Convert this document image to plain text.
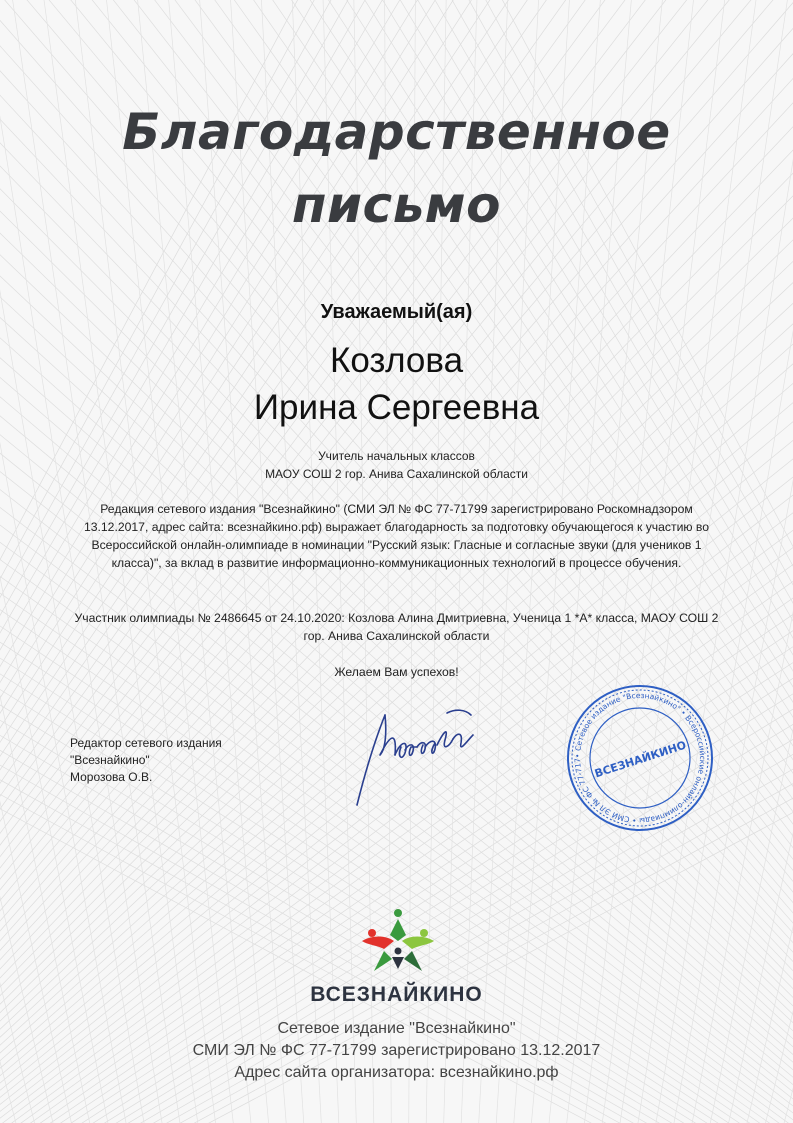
Благодарственное
письмо
Уважаемый(ая)
Козлова
Ирина Сергеевна
Учитель начальных классов
МАОУ СОШ 2 гор. Анива Сахалинской области
Редакция сетевого издания "Всезнайкино" (СМИ ЭЛ № ФС 77-71799 зарегистрировано Роскомнадзором 13.12.2017, адрес сайта: всезнайкино.рф) выражает благодарность за подготовку обучающегося к участию во Всероссийской онлайн-олимпиаде в номинации "Русский язык: Гласные и согласные звуки (для учеников 1 класса)", за вклад в развитие информационно-коммуникационных технологий в процессе обучения.
Участник олимпиады № 2486645 от 24.10.2020: Козлова Алина Дмитриевна, Ученица 1 *А* класса, МАОУ СОШ 2 гор. Анива Сахалинской области
Желаем Вам успехов!
Редактор сетевого издания
"Всезнайкино"
Морозова О.В.
• Сетевое издание "Всезнайкино" • Всероссийские онлайн-олимпиады • СМИ ЭЛ № ФС 77-717 ВСЕЗНАЙКИНО
ВСЕЗНАЙКИНО
Сетевое издание "Всезнайкино"
СМИ ЭЛ № ФС 77-71799 зарегистрировано 13.12.2017
Адрес сайта организатора: всезнайкино.рф
